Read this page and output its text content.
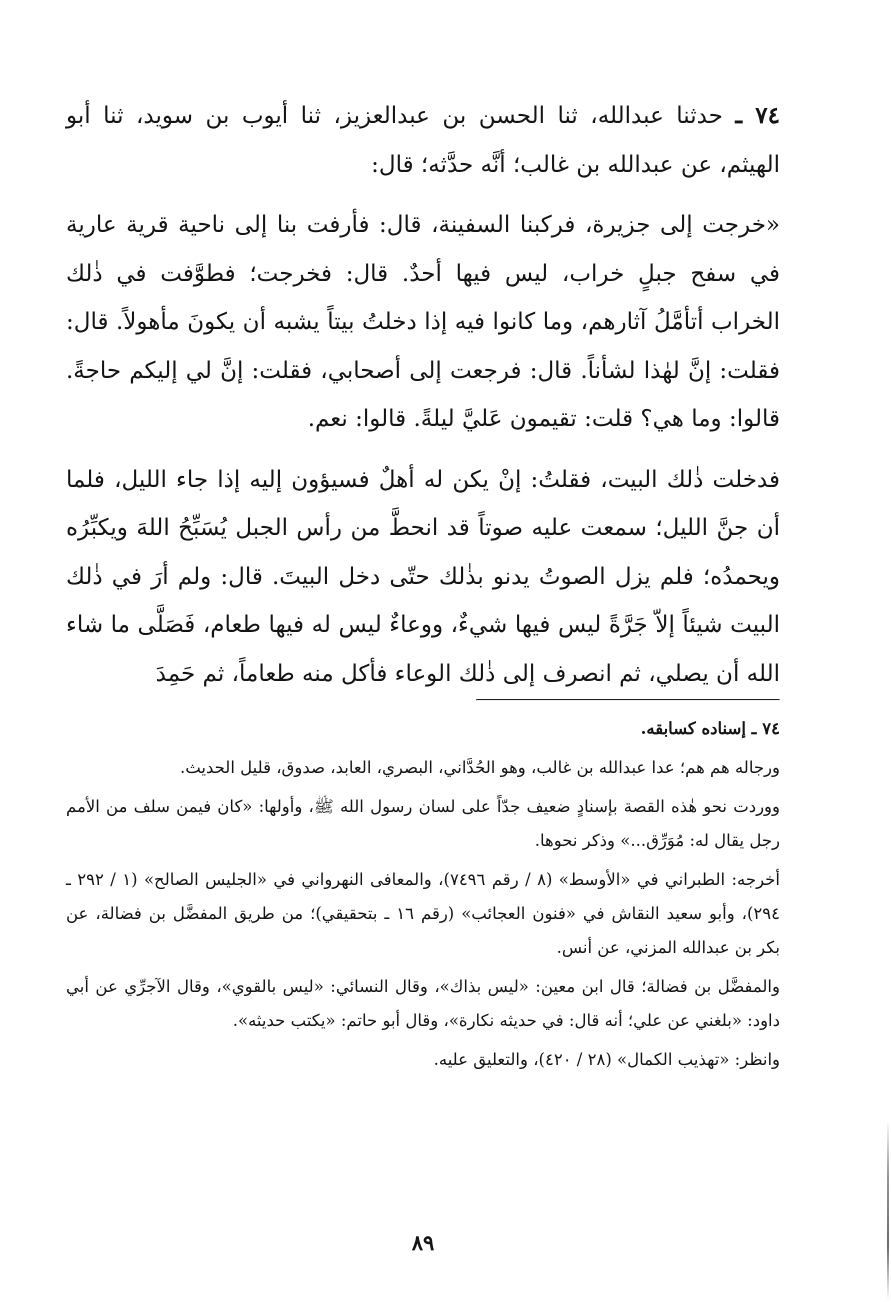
٧٤ ـ حدثنا عبدالله، ثنا الحسن بن عبدالعزيز، ثنا أيوب بن سويد، ثنا أبو الهيثم، عن عبدالله بن غالب؛ أنَّه حدَّثه؛ قال:

«خرجت إلى جزيرة، فركبنا السفينة، قال: فأرفت بنا إلى ناحية قرية عارية في سفح جبلٍ خراب، ليس فيها أحدٌ. قال: فخرجت؛ فطوَّفت في ذٰلك الخراب أتأمَّلُ آثارهم، وما كانوا فيه إذا دخلتُ بيتاً يشبه أن يكونَ مأهولاً. قال: فقلت: إنَّ لهٰذا لشأناً. قال: فرجعت إلى أصحابي، فقلت: إنَّ لي إليكم حاجةً. قالوا: وما هي؟ قلت: تقيمون عَليَّ ليلةً. قالوا: نعم.

فدخلت ذٰلك البيت، فقلتُ: إنْ يكن له أهلٌ فسيؤون إليه إذا جاء الليل، فلما أن جنَّ الليل؛ سمعت عليه صوتاً قد انحطَّ من رأس الجبل يُسَبِّحُ اللهَ ويكبِّرُه ويحمدُه؛ فلم يزل الصوتُ يدنو بذٰلك حتّى دخل البيتَ. قال: ولم أرَ في ذٰلك البيت شيئاً إلاّ جَرَّةً ليس فيها شيءٌ، ووعاءٌ ليس له فيها طعام، فَصَلَّى ما شاء الله أن يصلي، ثم انصرف إلى ذٰلك الوعاء فأكل منه طعاماً، ثم حَمِدَ

٧٤ ـ إسناده كسابقه.

ورجاله هم هم؛ عدا عبدالله بن غالب، وهو الحُدَّاني، البصري، العابد، صدوق، قليل الحديث.

ووردت نحو هٰذه القصة بإسنادٍ ضعيف جدّاً على لسان رسول الله ﷺ، وأولها: «كان فيمن سلف من الأمم رجل يقال له: مُوَرِّق...» وذكر نحوها.

أخرجه: الطبراني في «الأوسط» (٨ / رقم ٧٤٩٦)، والمعافى النهرواني في «الجليس الصالح» (١ / ٢٩٢ ـ ٢٩٤)، وأبو سعيد النقاش في «فنون العجائب» (رقم ١٦ ـ بتحقيقي)؛ من طريق المفضَّل بن فضالة، عن بكر بن عبدالله المزني، عن أنس.

والمفضَّل بن فضالة؛ قال ابن معين: «ليس بذاك»، وقال النسائي: «ليس بالقوي»، وقال الآجرِّي عن أبي داود: «بلغني عن علي؛ أنه قال: في حديثه نكارة»، وقال أبو حاتم: «يكتب حديثه».

وانظر: «تهذيب الكمال» (٢٨ / ٤٢٠)، والتعليق عليه.

٨٩
